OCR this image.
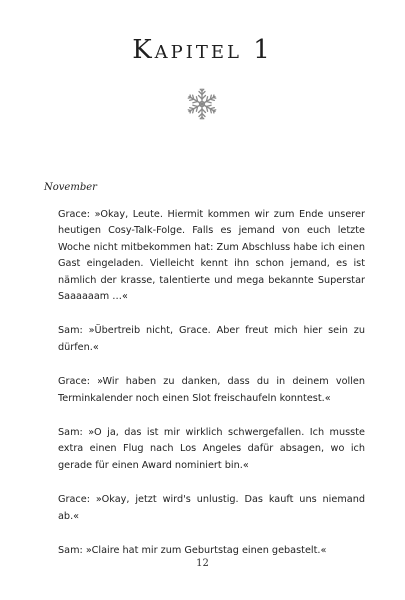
Kapitel 1
November

Grace: »Okay, Leute. Hiermit kommen wir zum Ende unserer heutigen Cosy-Talk-Folge. Falls es jemand von euch letzte Woche nicht mitbekommen hat: Zum Abschluss habe ich einen Gast eingeladen. Vielleicht kennt ihn schon jemand, es ist nämlich der krasse, talentierte und mega bekannte Superstar Saaaaaam …«

Sam: »Übertreib nicht, Grace. Aber freut mich hier sein zu dürfen.«

Grace: »Wir haben zu danken, dass du in deinem vollen Terminkalender noch einen Slot freischaufeln konntest.«

Sam: »O ja, das ist mir wirklich schwergefallen. Ich musste extra einen Flug nach Los Angeles dafür absagen, wo ich gerade für einen Award nominiert bin.«

Grace: »Okay, jetzt wird's unlustig. Das kauft uns niemand ab.«

Sam: »Claire hat mir zum Geburtstag einen gebastelt.«

12
